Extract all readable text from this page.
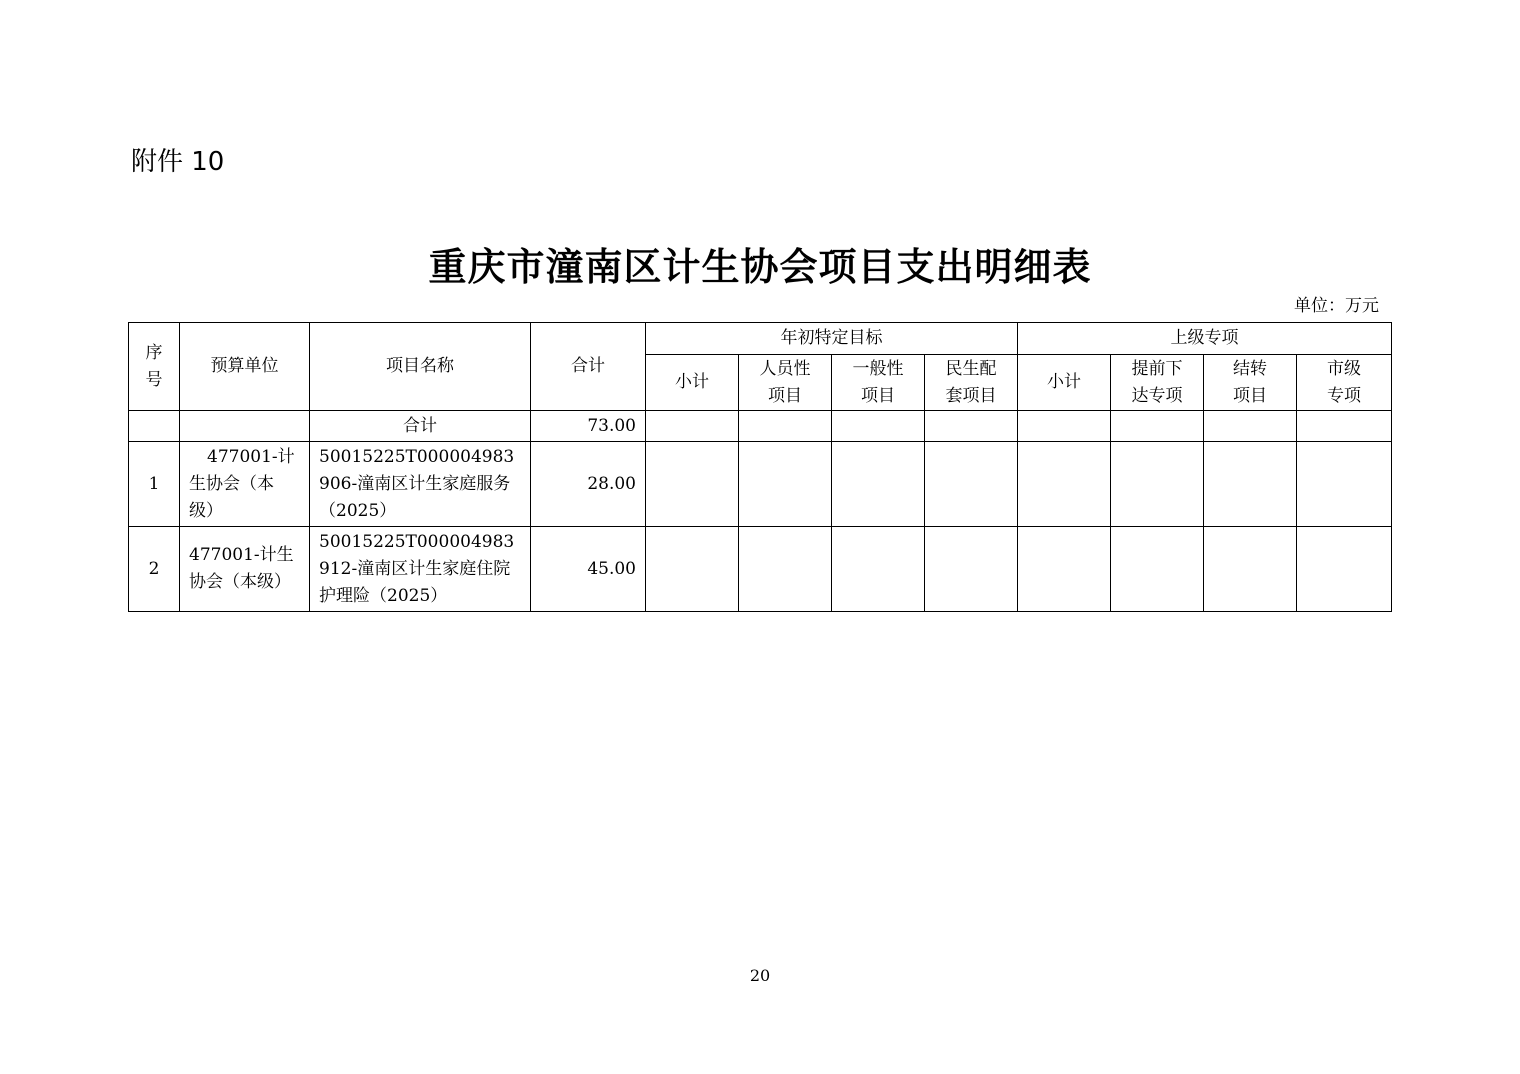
附件 10
重庆市潼南区计生协会项目支出明细表
单位：万元
序号	预算单位	项目名称	合计	年初特定目标				上级专项			
				小计	人员性项目	一般性项目	民生配套项目	小计	提前下达专项	结转项目	市级专项
		合计	73.00								
1	477001-计生协会（本级）	50015225T000004983906-潼南区计生家庭服务（2025）	28.00								
2	477001-计生协会（本级）	50015225T000004983912-潼南区计生家庭住院护理险（2025）	45.00								
20
